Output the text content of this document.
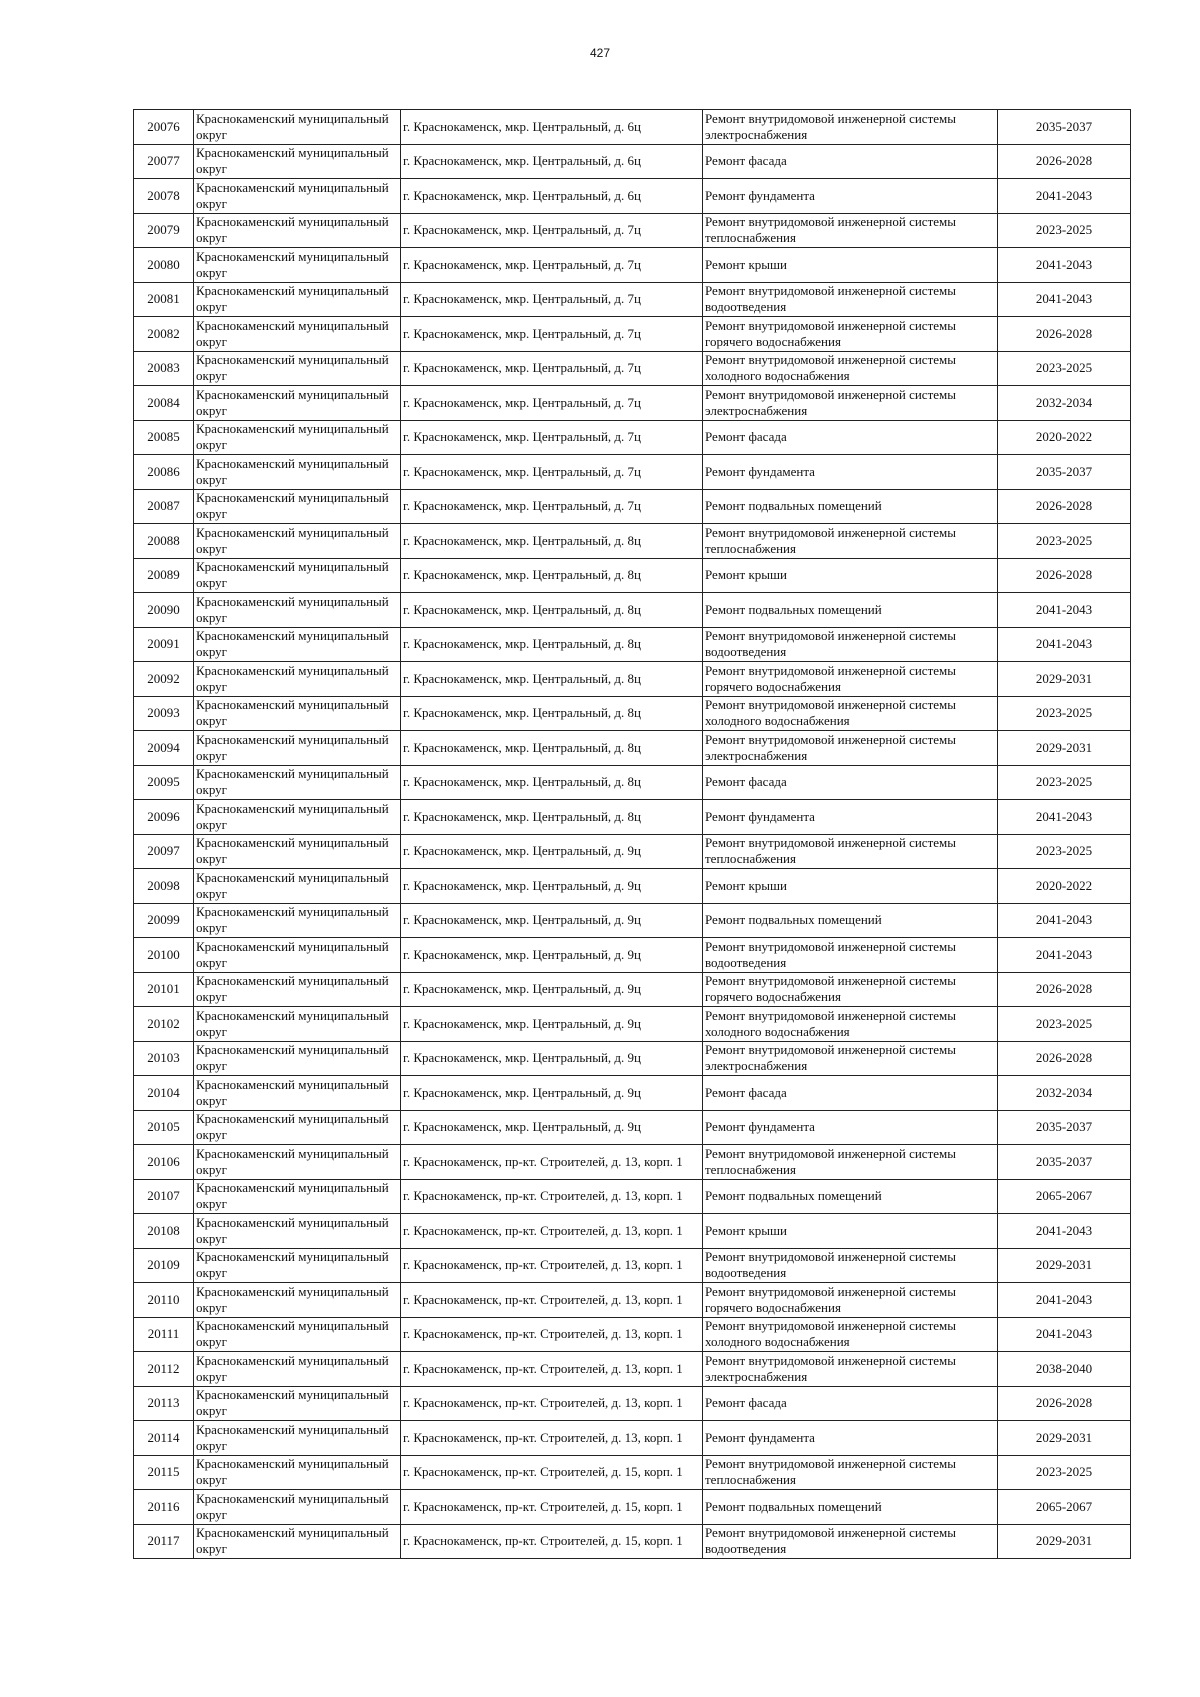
427
20076	Краснокаменский муниципальный округ	г. Краснокаменск, мкр. Центральный, д. 6ц	Ремонт внутридомовой инженерной системы электроснабжения	2035-2037
20077	Краснокаменский муниципальный округ	г. Краснокаменск, мкр. Центральный, д. 6ц	Ремонт фасада	2026-2028
20078	Краснокаменский муниципальный округ	г. Краснокаменск, мкр. Центральный, д. 6ц	Ремонт фундамента	2041-2043
20079	Краснокаменский муниципальный округ	г. Краснокаменск, мкр. Центральный, д. 7ц	Ремонт внутридомовой инженерной системы теплоснабжения	2023-2025
20080	Краснокаменский муниципальный округ	г. Краснокаменск, мкр. Центральный, д. 7ц	Ремонт крыши	2041-2043
20081	Краснокаменский муниципальный округ	г. Краснокаменск, мкр. Центральный, д. 7ц	Ремонт внутридомовой инженерной системы водоотведения	2041-2043
20082	Краснокаменский муниципальный округ	г. Краснокаменск, мкр. Центральный, д. 7ц	Ремонт внутридомовой инженерной системы горячего водоснабжения	2026-2028
20083	Краснокаменский муниципальный округ	г. Краснокаменск, мкр. Центральный, д. 7ц	Ремонт внутридомовой инженерной системы холодного водоснабжения	2023-2025
20084	Краснокаменский муниципальный округ	г. Краснокаменск, мкр. Центральный, д. 7ц	Ремонт внутридомовой инженерной системы электроснабжения	2032-2034
20085	Краснокаменский муниципальный округ	г. Краснокаменск, мкр. Центральный, д. 7ц	Ремонт фасада	2020-2022
20086	Краснокаменский муниципальный округ	г. Краснокаменск, мкр. Центральный, д. 7ц	Ремонт фундамента	2035-2037
20087	Краснокаменский муниципальный округ	г. Краснокаменск, мкр. Центральный, д. 7ц	Ремонт подвальных помещений	2026-2028
20088	Краснокаменский муниципальный округ	г. Краснокаменск, мкр. Центральный, д. 8ц	Ремонт внутридомовой инженерной системы теплоснабжения	2023-2025
20089	Краснокаменский муниципальный округ	г. Краснокаменск, мкр. Центральный, д. 8ц	Ремонт крыши	2026-2028
20090	Краснокаменский муниципальный округ	г. Краснокаменск, мкр. Центральный, д. 8ц	Ремонт подвальных помещений	2041-2043
20091	Краснокаменский муниципальный округ	г. Краснокаменск, мкр. Центральный, д. 8ц	Ремонт внутридомовой инженерной системы водоотведения	2041-2043
20092	Краснокаменский муниципальный округ	г. Краснокаменск, мкр. Центральный, д. 8ц	Ремонт внутридомовой инженерной системы горячего водоснабжения	2029-2031
20093	Краснокаменский муниципальный округ	г. Краснокаменск, мкр. Центральный, д. 8ц	Ремонт внутридомовой инженерной системы холодного водоснабжения	2023-2025
20094	Краснокаменский муниципальный округ	г. Краснокаменск, мкр. Центральный, д. 8ц	Ремонт внутридомовой инженерной системы электроснабжения	2029-2031
20095	Краснокаменский муниципальный округ	г. Краснокаменск, мкр. Центральный, д. 8ц	Ремонт фасада	2023-2025
20096	Краснокаменский муниципальный округ	г. Краснокаменск, мкр. Центральный, д. 8ц	Ремонт фундамента	2041-2043
20097	Краснокаменский муниципальный округ	г. Краснокаменск, мкр. Центральный, д. 9ц	Ремонт внутридомовой инженерной системы теплоснабжения	2023-2025
20098	Краснокаменский муниципальный округ	г. Краснокаменск, мкр. Центральный, д. 9ц	Ремонт крыши	2020-2022
20099	Краснокаменский муниципальный округ	г. Краснокаменск, мкр. Центральный, д. 9ц	Ремонт подвальных помещений	2041-2043
20100	Краснокаменский муниципальный округ	г. Краснокаменск, мкр. Центральный, д. 9ц	Ремонт внутридомовой инженерной системы водоотведения	2041-2043
20101	Краснокаменский муниципальный округ	г. Краснокаменск, мкр. Центральный, д. 9ц	Ремонт внутридомовой инженерной системы горячего водоснабжения	2026-2028
20102	Краснокаменский муниципальный округ	г. Краснокаменск, мкр. Центральный, д. 9ц	Ремонт внутридомовой инженерной системы холодного водоснабжения	2023-2025
20103	Краснокаменский муниципальный округ	г. Краснокаменск, мкр. Центральный, д. 9ц	Ремонт внутридомовой инженерной системы электроснабжения	2026-2028
20104	Краснокаменский муниципальный округ	г. Краснокаменск, мкр. Центральный, д. 9ц	Ремонт фасада	2032-2034
20105	Краснокаменский муниципальный округ	г. Краснокаменск, мкр. Центральный, д. 9ц	Ремонт фундамента	2035-2037
20106	Краснокаменский муниципальный округ	г. Краснокаменск, пр-кт. Строителей, д. 13, корп. 1	Ремонт внутридомовой инженерной системы теплоснабжения	2035-2037
20107	Краснокаменский муниципальный округ	г. Краснокаменск, пр-кт. Строителей, д. 13, корп. 1	Ремонт подвальных помещений	2065-2067
20108	Краснокаменский муниципальный округ	г. Краснокаменск, пр-кт. Строителей, д. 13, корп. 1	Ремонт крыши	2041-2043
20109	Краснокаменский муниципальный округ	г. Краснокаменск, пр-кт. Строителей, д. 13, корп. 1	Ремонт внутридомовой инженерной системы водоотведения	2029-2031
20110	Краснокаменский муниципальный округ	г. Краснокаменск, пр-кт. Строителей, д. 13, корп. 1	Ремонт внутридомовой инженерной системы горячего водоснабжения	2041-2043
20111	Краснокаменский муниципальный округ	г. Краснокаменск, пр-кт. Строителей, д. 13, корп. 1	Ремонт внутридомовой инженерной системы холодного водоснабжения	2041-2043
20112	Краснокаменский муниципальный округ	г. Краснокаменск, пр-кт. Строителей, д. 13, корп. 1	Ремонт внутридомовой инженерной системы электроснабжения	2038-2040
20113	Краснокаменский муниципальный округ	г. Краснокаменск, пр-кт. Строителей, д. 13, корп. 1	Ремонт фасада	2026-2028
20114	Краснокаменский муниципальный округ	г. Краснокаменск, пр-кт. Строителей, д. 13, корп. 1	Ремонт фундамента	2029-2031
20115	Краснокаменский муниципальный округ	г. Краснокаменск, пр-кт. Строителей, д. 15, корп. 1	Ремонт внутридомовой инженерной системы теплоснабжения	2023-2025
20116	Краснокаменский муниципальный округ	г. Краснокаменск, пр-кт. Строителей, д. 15, корп. 1	Ремонт подвальных помещений	2065-2067
20117	Краснокаменский муниципальный округ	г. Краснокаменск, пр-кт. Строителей, д. 15, корп. 1	Ремонт внутридомовой инженерной системы водоотведения	2029-2031
